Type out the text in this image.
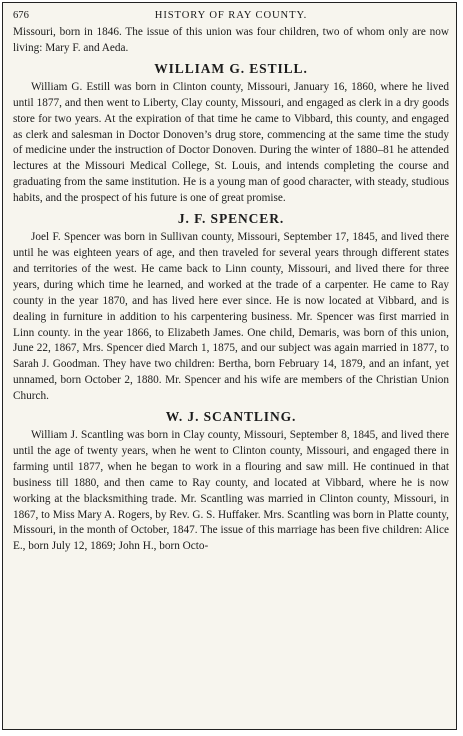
676	HISTORY OF RAY COUNTY.

Missouri, born in 1846. The issue of this union was four children, two of whom only are now living: Mary F. and Aeda.

WILLIAM G. ESTILL.

William G. Estill was born in Clinton county, Missouri, January 16, 1860, where he lived until 1877, and then went to Liberty, Clay county, Missouri, and engaged as clerk in a dry goods store for two years. At the expiration of that time he came to Vibbard, this county, and engaged as clerk and salesman in Doctor Donoven’s drug store, commencing at the same time the study of medicine under the instruction of Doctor Donoven. During the winter of 1880–81 he attended lectures at the Missouri Medical College, St. Louis, and intends completing the course and graduating from the same institution. He is a young man of good character, with steady, studious habits, and the prospect of his future is one of great promise.

J. F. SPENCER.

Joel F. Spencer was born in Sullivan county, Missouri, September 17, 1845, and lived there until he was eighteen years of age, and then traveled for several years through different states and territories of the west. He came back to Linn county, Missouri, and lived there for three years, during which time he learned, and worked at the trade of a carpenter. He came to Ray county in the year 1870, and has lived here ever since. He is now located at Vibbard, and is dealing in furniture in addition to his carpentering business. Mr. Spencer was first married in Linn county. in the year 1866, to Elizabeth James. One child, Demaris, was born of this union, June 22, 1867, Mrs. Spencer died March 1, 1875, and our subject was again married in 1877, to Sarah J. Goodman. They have two children: Bertha, born February 14, 1879, and an infant, yet unnamed, born October 2, 1880. Mr. Spencer and his wife are members of the Christian Union Church.

W. J. SCANTLING.

William J. Scantling was born in Clay county, Missouri, September 8, 1845, and lived there until the age of twenty years, when he went to Clinton county, Missouri, and engaged there in farming until 1877, when he began to work in a flouring and saw mill. He continued in that business till 1880, and then came to Ray county, and located at Vibbard, where he is now working at the blacksmithing trade. Mr. Scantling was married in Clinton county, Missouri, in 1867, to Miss Mary A. Rogers, by Rev. G. S. Huffaker. Mrs. Scantling was born in Platte county, Missouri, in the month of October, 1847. The issue of this marriage has been five children: Alice E., born July 12, 1869; John H., born Octo-
